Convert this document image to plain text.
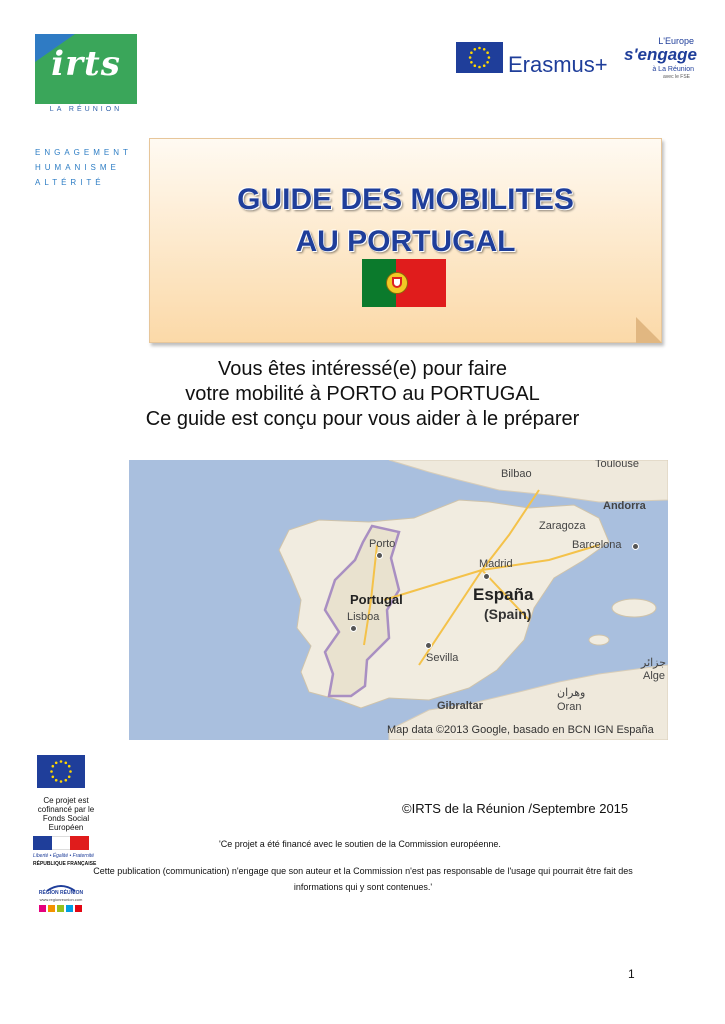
irts
LA RÉUNION
ENGAGEMENT
HUMANISME
ALTÉRITÉ
Erasmus+
L'Europe
s'engage
à La Réunion
avec le FSE
GUIDE DES MOBILITES
AU PORTUGAL
Vous êtes intéressé(e) pour faire
votre mobilité à PORTO au PORTUGAL
Ce guide est conçu pour vous aider à le préparer
Toulouse
Bilbao
Andorra
Zaragoza
Barcelona
Porto
Madrid
España
(Spain)
Portugal
Lisboa
Sevilla	جزائر
Alge
وهران
Oran
Gibraltar
Map data ©2013 Google, basado en BCN IGN España
Ce projet est cofinancé par le Fonds Social Européen
Liberté • Égalité • Fraternité
RÉPUBLIQUE FRANÇAISE
RÉGION RÉUNION
www.regionreunion.com
©IRTS de la Réunion /Septembre 2015
'Ce projet a été financé avec le soutien de la Commission européenne.
Cette publication (communication) n'engage que son auteur et la Commission n'est pas responsable de l'usage qui pourrait être fait des
informations qui y sont contenues.'
1
